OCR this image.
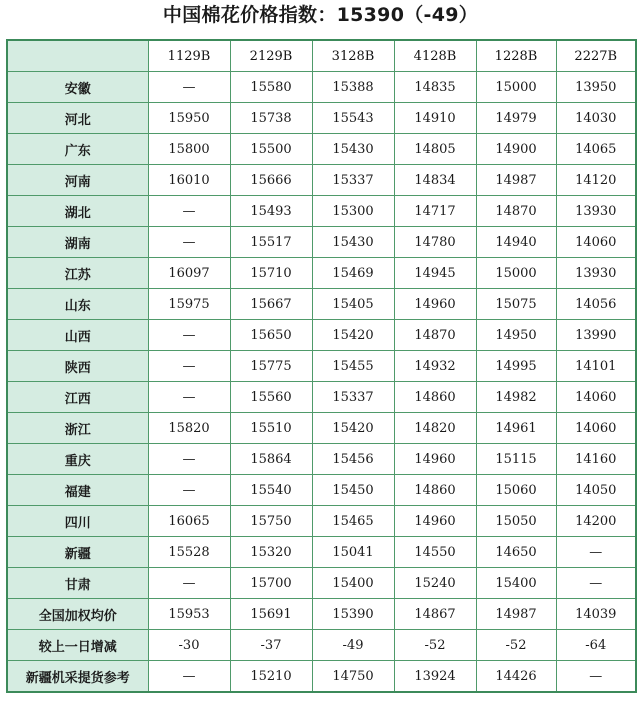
中国棉花价格指数：15390（-49）
	1129B	2129B	3128B	4128B	1228B	2227B
安徽	—	15580	15388	14835	15000	13950
河北	15950	15738	15543	14910	14979	14030
广东	15800	15500	15430	14805	14900	14065
河南	16010	15666	15337	14834	14987	14120
湖北	—	15493	15300	14717	14870	13930
湖南	—	15517	15430	14780	14940	14060
江苏	16097	15710	15469	14945	15000	13930
山东	15975	15667	15405	14960	15075	14056
山西	—	15650	15420	14870	14950	13990
陕西	—	15775	15455	14932	14995	14101
江西	—	15560	15337	14860	14982	14060
浙江	15820	15510	15420	14820	14961	14060
重庆	—	15864	15456	14960	15115	14160
福建	—	15540	15450	14860	15060	14050
四川	16065	15750	15465	14960	15050	14200
新疆	15528	15320	15041	14550	14650	—
甘肃	—	15700	15400	15240	15400	—
全国加权均价	15953	15691	15390	14867	14987	14039
较上一日增减	-30	-37	-49	-52	-52	-64
新疆机采提货参考	—	15210	14750	13924	14426	—
